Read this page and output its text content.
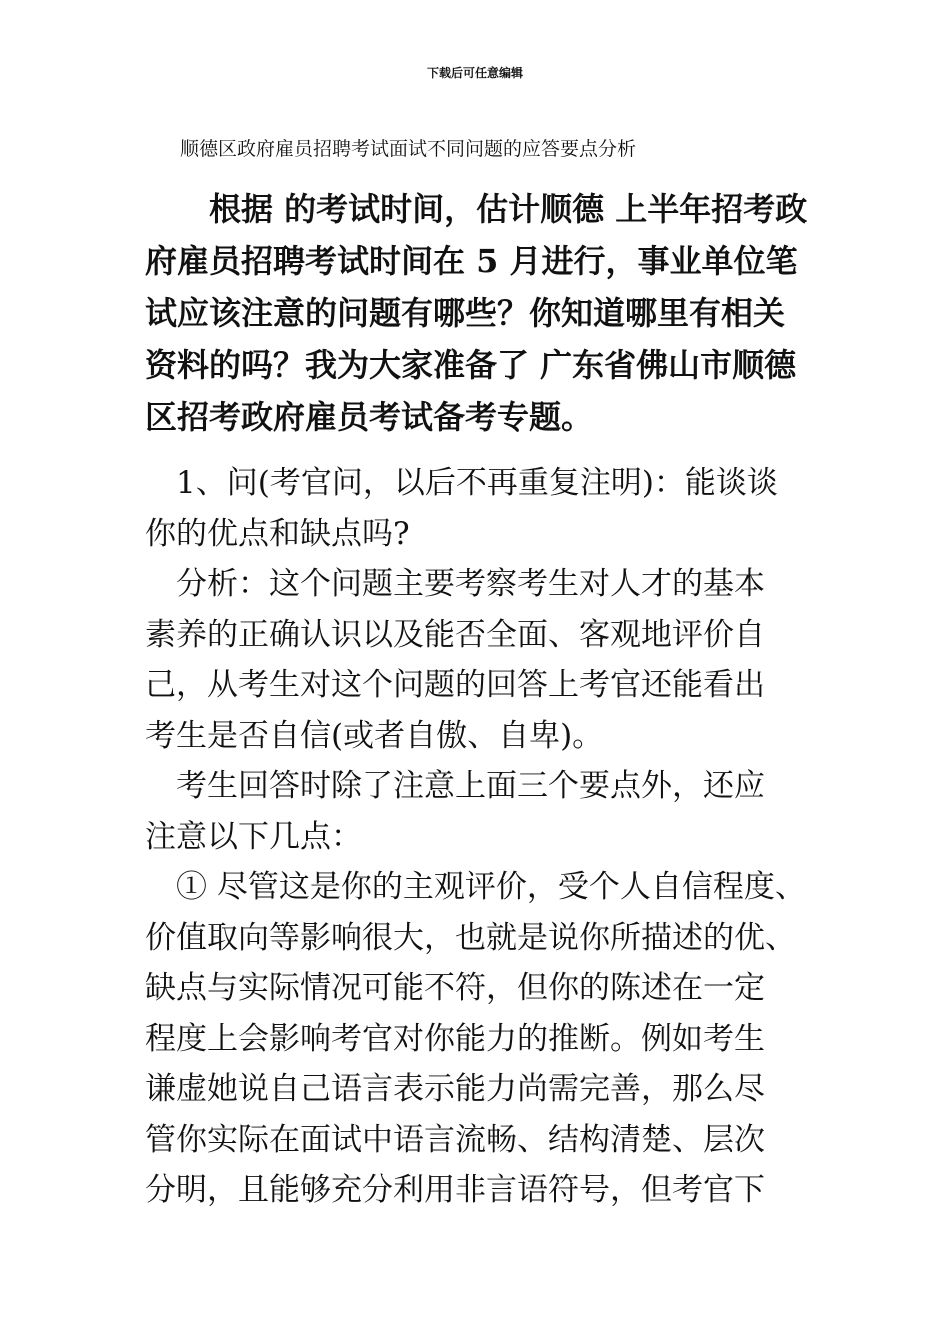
下载后可任意编辑
顺德区政府雇员招聘考试面试不同问题的应答要点分析

　　根据 的考试时间，估计顺德 上半年招考政

府雇员招聘考试时间在 5 月进行，事业单位笔

试应该注意的问题有哪些？你知道哪里有相关

资料的吗？我为大家准备了 广东省佛山市顺德

区招考政府雇员考试备考专题。

　1、问(考官问，以后不再重复注明)：能谈谈

你的优点和缺点吗?

　分析：这个问题主要考察考生对人才的基本

素养的正确认识以及能否全面、客观地评价自

己，从考生对这个问题的回答上考官还能看出

考生是否自信(或者自傲、自卑)。

　考生回答时除了注意上面三个要点外，还应

注意以下几点：

　① 尽管这是你的主观评价，受个人自信程度、

价值取向等影响很大，也就是说你所描述的优、

缺点与实际情况可能不符，但你的陈述在一定

程度上会影响考官对你能力的推断。例如考生

谦虚她说自己语言表示能力尚需完善，那么尽

管你实际在面试中语言流畅、结构清楚、层次

分明，且能够充分利用非言语符号，但考官下
